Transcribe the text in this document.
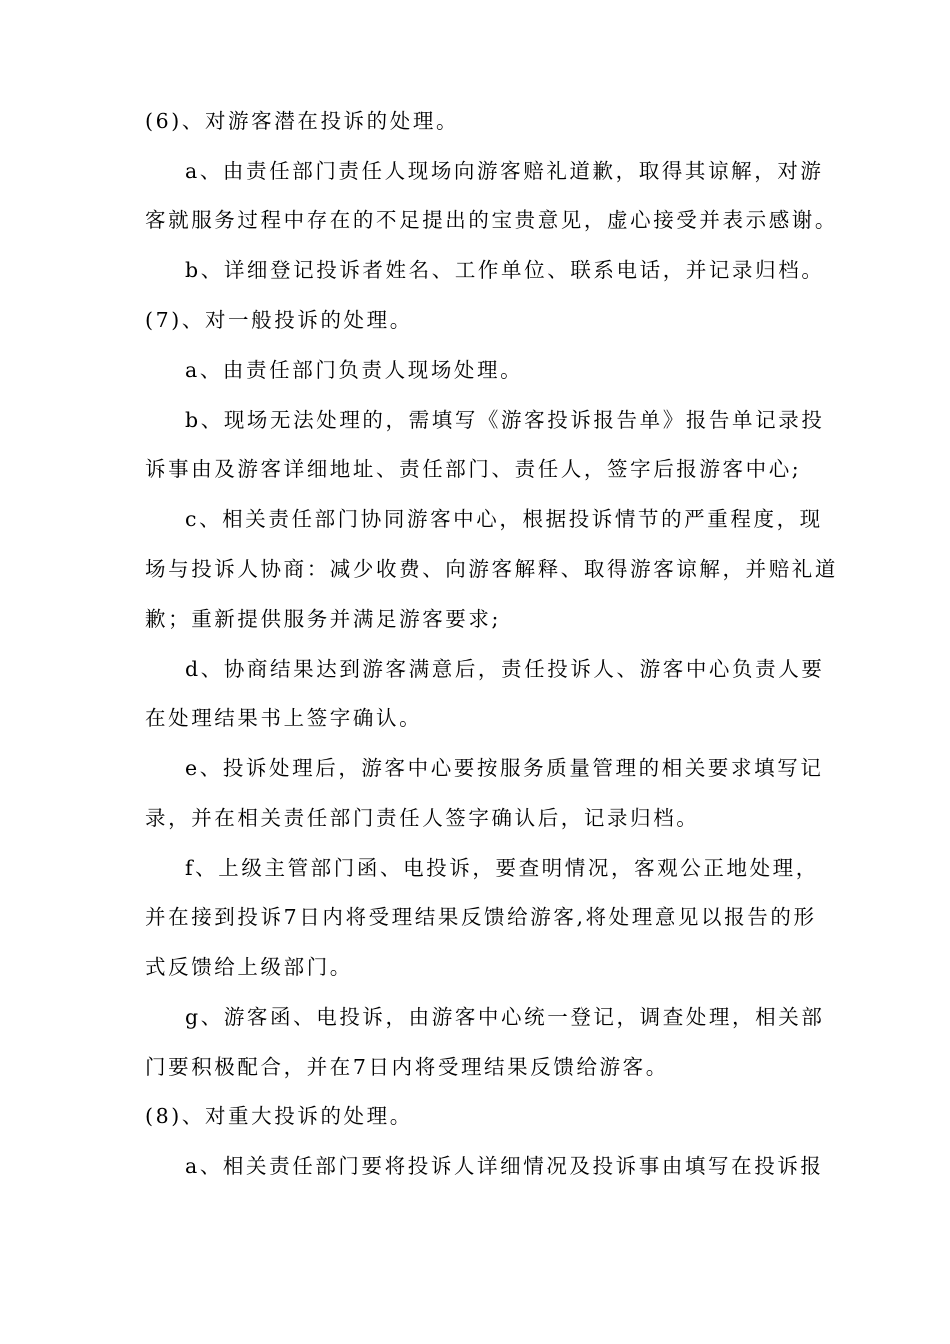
(6)、对游客潜在投诉的处理。
a、由责任部门责任人现场向游客赔礼道歉，取得其谅解，对游
客就服务过程中存在的不足提出的宝贵意见，虚心接受并表示感谢。
b、详细登记投诉者姓名、工作单位、联系电话，并记录归档。
(7)、对一般投诉的处理。
a、由责任部门负责人现场处理。
b、现场无法处理的，需填写《游客投诉报告单》报告单记录投
诉事由及游客详细地址、责任部门、责任人，签字后报游客中心;
c、相关责任部门协同游客中心，根据投诉情节的严重程度，现
场与投诉人协商：减少收费、向游客解释、取得游客谅解，并赔礼道
歉；重新提供服务并满足游客要求;
d、协商结果达到游客满意后，责任投诉人、游客中心负责人要
在处理结果书上签字确认。
e、投诉处理后，游客中心要按服务质量管理的相关要求填写记
录，并在相关责任部门责任人签字确认后，记录归档。
f、上级主管部门函、电投诉，要查明情况，客观公正地处理，
并在接到投诉7日内将受理结果反馈给游客,将处理意见以报告的形
式反馈给上级部门。
g、游客函、电投诉，由游客中心统一登记，调查处理，相关部
门要积极配合，并在7日内将受理结果反馈给游客。
(8)、对重大投诉的处理。
a、相关责任部门要将投诉人详细情况及投诉事由填写在投诉报
